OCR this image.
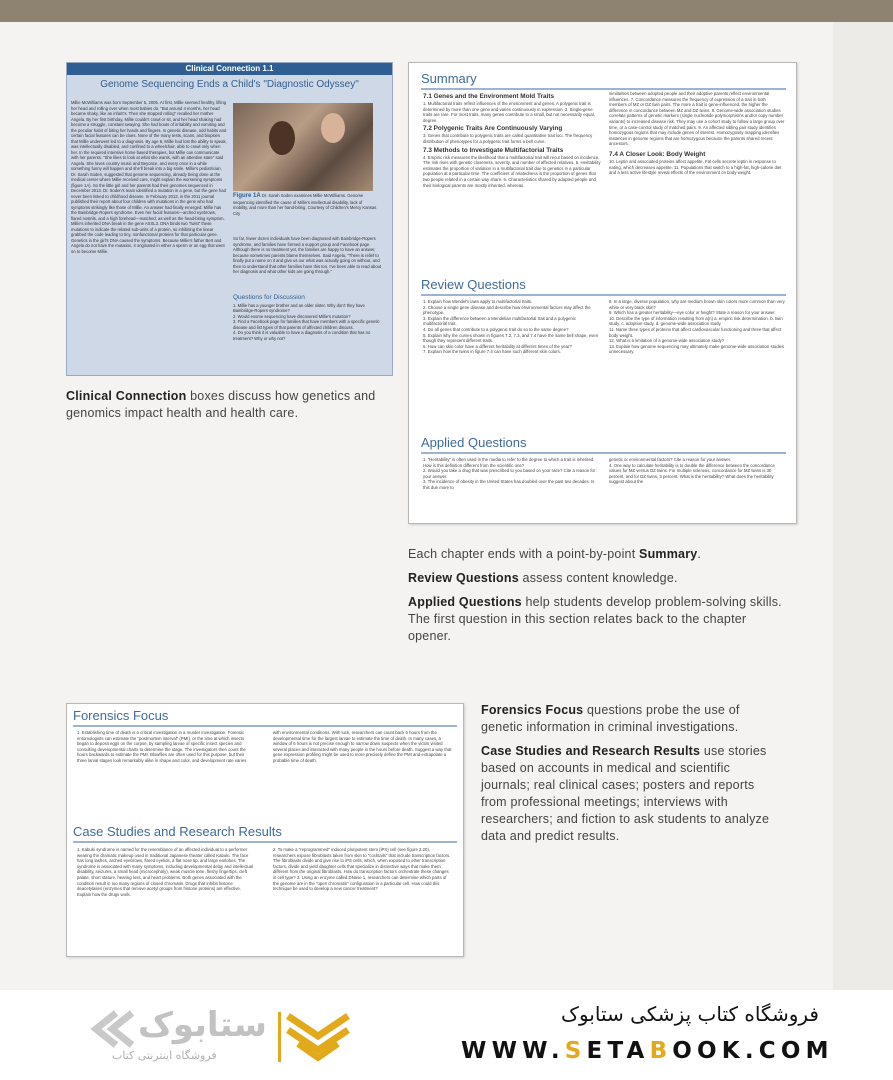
Clinical Connection 1.1
Genome Sequencing Ends a Child's "Diagnostic Odyssey"
Millie McWilliams was born September 5, 2005. At first, Millie seemed healthy, lifting her head and rolling over when most babies do. "But around 4 months, her head became shaky, like an infant's. Then she stopped rolling" recalled her mother Angela. By her first birthday, Millie couldn't crawl or sit, and her head shaking had become a struggle, constant swaying. She had bouts of irritability and vomiting and the peculiar habit of biting her hands and fingers. In genetic disease, odd habits and certain facial features can be clues. None of the many tests, scans, and biopsies that Millie underwent led to a diagnosis. By age 6, Millie had lost the ability to speak, was intellectually disabled, and confined to a wheelchair, able to crawl only when her. In the required intensive home based therapies, but Millie can communicate with her parents. "She likes to look at what she wants, with an attentive stare" said Angela. She loves country music and Beyonce, and every once in a while something funny will happen and she'll break into a big smile. Millie's pediatrician, Dr. Sarah Soden, suggested that genome sequencing, already being done at the medical center where Millie received care, might explain the worsening symptoms (figure 1A). So the little girl and her parents had their genomes sequenced in December 2013. Dr. Soden's team identified a mutation in a gene, but the gene had never been linked to childhood disease. In February 2013, in the 2011 journal published their report about four children with mutations in the gene who had symptoms strikingly like those of Millie. An answer had finally emerged: Millie has the Bainbridge-Ropers syndrome. Even her facial features—arched eyebrows, flared nostrils, and a high forehead—matched, as well as the head-biting symptom. Millie's inherited DNA break in the gene ASXL3. DNA binds two "twist" these mutations to indicate the related sub-units of a protein, so inhibiting the linear grabbed the code leading to tiny, nonfunctional proteins for that particular gene. Genetics in the girl's DNA caused the symptoms. Because Millie's father Bert and Angela do not have the mutation, it originated in either a sperm or an egg that went on to become Millie.
Figure 1A Dr. Sarah Soden examines Millie McWilliams. Genome sequencing identified the cause of Millie's intellectual disability, lack of mobility, and more than her hand-biting. Courtesy of Children's Mercy Kansas City
So far, fewer dozen individuals have been diagnosed with Bainbridge-Ropers syndrome, and families have formed a support group and Facebook page. Although there is no treatment yet, the families are happy to have an answer, because sometimes parents blame themselves. Said Angela, "There is relief to finally put a name on it and give us our what was actually going on without, and then to understand that other families have this too. I've been able to read about her diagnosis and what other kids are going through."
Questions for Discussion
1. Millie has a younger brother and an older sister. Why don't they have Bainbridge-Ropers syndrome?
2. Would exome sequencing have discovered Millie's mutation?
3. Find a Facebook page for families that have members with a specific genetic disease and list types of that parents of affected children discuss.
4. Do you think it is valuable to have a diagnosis of a condition that has no treatment? Why or why not?
Clinical Connection boxes discuss how genetics and genomics impact health and health care.
Summary
7.1 Genes and the Environment Mold Traits
1. Multifactorial traits reflect influences of the environment and genes. A polygenic trait is determined by more than one gene and varies continuously in expression. 2. Single-gene traits are rare. For most traits, many genes contribute to a small, but not necessarily equal, degree.
7.2 Polygenic Traits Are Continuously Varying
3. Genes that contribute to polygenic traits are called quantitative trait loci. The frequency distribution of phenotypes for a polygenic trait forms a bell curve.
7.3 Methods to Investigate Multifactorial Traits
4. Empiric risk measures the likelihood that a multifactorial trait will recur based on incidence. The risk rises with genetic closeness, severity, and number of affected relatives. 5. Heritability estimates the proportion of variation in a multifactorial trait due to genetics in a particular population at a particular time. The coefficient of relatedness is the proportion of genes that two people related in a certain way share. 6. Characteristics shared by adopted people and their biological parents are mostly inherited, whereas
similarities between adopted people and their adoptive parents reflect environmental influences. 7. Concordance measures the frequency of expression of a trait in both members of MZ or DZ twin pairs. The more a trait is gene-influenced, the higher the difference in concordance between MZ and DZ twins. 8. Genome-wide association studies correlate patterns of genetic markers (single nucleotide polymorphisms and/or copy number variants) to increased disease risk. They may use a cohort study to follow a large group over time, or a case-control study of matched pairs. 9. An affected sibling pair study identifies homozygous regions that may include genes of interest. Homozygosity mapping identifies instances in genome regions that are homozygous because the parents shared recent ancestors.
7.4 A Closer Look: Body Weight
10. Leptin and associated proteins affect appetite. Fat cells secrete leptin in response to eating, which decreases appetite. 11. Populations that switch to a high-fat, high-calorie diet and a less active lifestyle reveal effects of the environment on body weight.
Review Questions
1. Explain how Mendel's laws apply to multifactorial traits.
2. Choose a single gene disease and describe how environmental factors may affect the phenotype.
3. Explain the difference between a Mendelian multifactorial trait and a polygenic multifactorial trait.
4. Do all genes that contribute to a polygenic trait do so to the same degree?
5. Explain why the curves shown in figures 7.2, 7.3, and 7.4 have the same bell shape, even though they represent different traits.
6. How can skin color have a different heritability at different times of the year?
7. Explain how the twins in figure 7.4 can have such different skin colors.
8. In a large, diverse population, why are medium brown skin colors more common than very white or very black skin?
9. Which has a greater heritability—eye color or height? State a reason for your answer.
10. Describe the type of information resulting from a(n) a. empiric risk determination. b. twin study. c. adoption study. d. genome-wide association study.
11. Name three types of proteins that affect cardiovascular functioning and three that affect body weight.
12. What is a limitation of a genome-wide association study?
13. Explain how genome sequencing may ultimately make genome-wide association studies unnecessary.
Applied Questions
1. "Heritability" is often used in the media to refer to the degree to which a trait is inherited. How is this definition different from the scientific one?
2. Would you take a drug that was prescribed to you based on your race? Cite a reason for your answer.
3. The incidence of obesity in the United States has doubled over the past two decades. Is this due more to
genetic or environmental factors? Cite a reason for your answer.
4. One way to calculate heritability is to double the difference between the concordance values for MZ versus DZ twins. For multiple sclerosis, concordance for MZ twins is 30 percent, and for DZ twins, 3 percent. What is the heritability? What does the heritability suggest about the
Each chapter ends with a point-by-point Summary.
Review Questions assess content knowledge.
Applied Questions help students develop problem-solving skills. The first question in this section relates back to the chapter opener.
Forensics Focus
1. Establishing time of death is a critical investigation in a murder investigation. Forensic entomologists can estimate the "postmortem interval" (PMI), or the time at which insects began to deposit eggs on the corpse, by sampling larvae of specific insect species and consulting developmental charts to determine the stage. The investigators then count the hours backwards to estimate the PMI. Blowflies are often used for this purpose, but their three larval stages look remarkably alike in shape and color, and development rate varies
with environmental conditions. With luck, researchers can count back 6 hours from the developmental time for the largest larvae to estimate the time of death. In many cases, a window of 6 hours is not precise enough to narrow down suspects when the victim visited several places and interacted with many people in the hours before death. Suggest a way that gene expression profiling might be used to more precisely define the PMI and extrapolate a probable time of death.
Case Studies and Research Results
1. Kabuki syndrome is named for the resemblance of an affected individual to a performer wearing the dramatic makeup used in traditional Japanese theater called Kabuki. The face has long lashes, arched eyebrows, flared eyelids, a flat nose tip, and large earlobes. The syndrome is associated with many symptoms, including developmental delay and intellectual disability, seizures, a small head (microcephaly), weak muscle tone, fleshy fingertips, cleft palate, short stature, hearing loss, and heart problems. Both genes associated with the condition result in too many regions of closed chromatin. Drugs that inhibit histone deacetylases (enzymes that remove acetyl groups from histone proteins) are effective. Explain how the drugs work.
2. To make a "reprogrammed" induced pluripotent stem (iPS) cell (see figure 2.20), researchers expose fibroblasts taken from skin to "cocktails" that include transcription factors. The fibroblasts divide and give rise to iPS cells, which, when exposed to other transcription factors, divide and yield daughter cells that specialize in distinctive ways that make them different from the original fibroblasts. How do transcription factors orchestrate these changes in cell type? 3. Using an enzyme called DNase 1, researchers can determine which parts of the genome are in the "open chromatin" configuration in a particular cell. How could this technique be used to develop a new cancer treatment?
Forensics Focus questions probe the use of genetic information in criminal investigations.
Case Studies and Research Results use stories based on accounts in medical and scientific journals; real clinical cases; posters and reports from professional meetings; interviews with researchers; and fiction to ask students to analyze data and predict results.
ستابوک
فروشگاه اینترنتی کتاب
فروشگاه کتاب پزشکی ستابوک
WWW.SETABOOK.COM
